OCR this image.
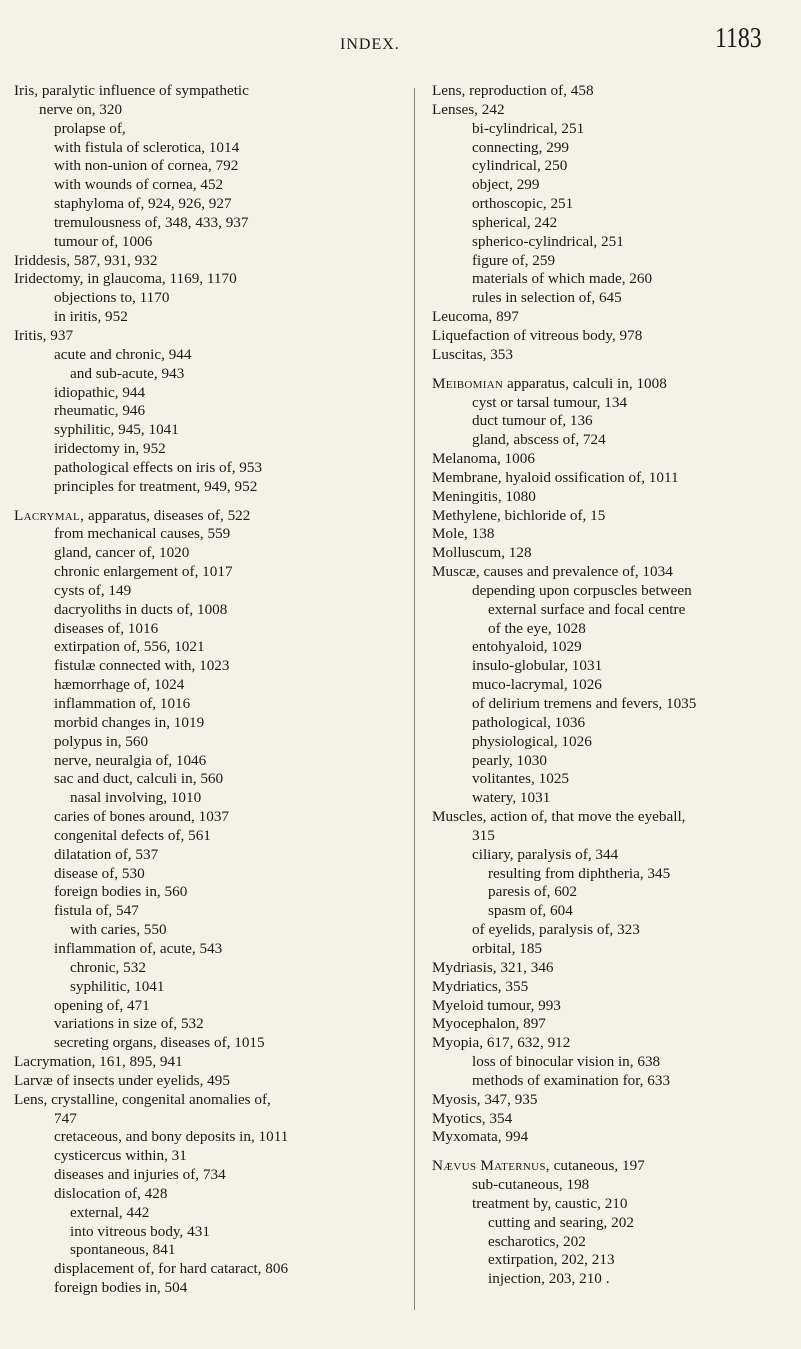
INDEX.	1183
Iris, paralytic influence of sympathetic
nerve on, 320
prolapse of,
with fistula of sclerotica, 1014
with non-union of cornea, 792
with wounds of cornea, 452
staphyloma of, 924, 926, 927
tremulousness of, 348, 433, 937
tumour of, 1006
Iriddesis, 587, 931, 932
Iridectomy, in glaucoma, 1169, 1170
objections to, 1170
in iritis, 952
Iritis, 937
acute and chronic, 944
and sub-acute, 943
idiopathic, 944
rheumatic, 946
syphilitic, 945, 1041
iridectomy in, 952
pathological effects on iris of, 953
principles for treatment, 949, 952
Lacrymal, apparatus, diseases of, 522
from mechanical causes, 559
gland, cancer of, 1020
chronic enlargement of, 1017
cysts of, 149
dacryoliths in ducts of, 1008
diseases of, 1016
extirpation of, 556, 1021
fistulæ connected with, 1023
hæmorrhage of, 1024
inflammation of, 1016
morbid changes in, 1019
polypus in, 560
nerve, neuralgia of, 1046
sac and duct, calculi in, 560
nasal involving, 1010
caries of bones around, 1037
congenital defects of, 561
dilatation of, 537
disease of, 530
foreign bodies in, 560
fistula of, 547
with caries, 550
inflammation of, acute, 543
chronic, 532
syphilitic, 1041
opening of, 471
variations in size of, 532
secreting organs, diseases of, 1015
Lacrymation, 161, 895, 941
Larvæ of insects under eyelids, 495
Lens, crystalline, congenital anomalies of,
747
cretaceous, and bony deposits in, 1011
cysticercus within, 31
diseases and injuries of, 734
dislocation of, 428
external, 442
into vitreous body, 431
spontaneous, 841
displacement of, for hard cataract, 806
foreign bodies in, 504
Lens, reproduction of, 458
Lenses, 242
bi-cylindrical, 251
connecting, 299
cylindrical, 250
object, 299
orthoscopic, 251
spherical, 242
spherico-cylindrical, 251
figure of, 259
materials of which made, 260
rules in selection of, 645
Leucoma, 897
Liquefaction of vitreous body, 978
Luscitas, 353
Meibomian apparatus, calculi in, 1008
cyst or tarsal tumour, 134
duct tumour of, 136
gland, abscess of, 724
Melanoma, 1006
Membrane, hyaloid ossification of, 1011
Meningitis, 1080
Methylene, bichloride of, 15
Mole, 138
Molluscum, 128
Muscæ, causes and prevalence of, 1034
depending upon corpuscles between
external surface and focal centre
of the eye, 1028
entohyaloid, 1029
insulo-globular, 1031
muco-lacrymal, 1026
of delirium tremens and fevers, 1035
pathological, 1036
physiological, 1026
pearly, 1030
volitantes, 1025
watery, 1031
Muscles, action of, that move the eyeball,
315
ciliary, paralysis of, 344
resulting from diphtheria, 345
paresis of, 602
spasm of, 604
of eyelids, paralysis of, 323
orbital, 185
Mydriasis, 321, 346
Mydriatics, 355
Myeloid tumour, 993
Myocephalon, 897
Myopia, 617, 632, 912
loss of binocular vision in, 638
methods of examination for, 633
Myosis, 347, 935
Myotics, 354
Myxomata, 994
Nævus Maternus, cutaneous, 197
sub-cutaneous, 198
treatment by, caustic, 210
cutting and searing, 202
escharotics, 202
extirpation, 202, 213
injection, 203, 210 .
